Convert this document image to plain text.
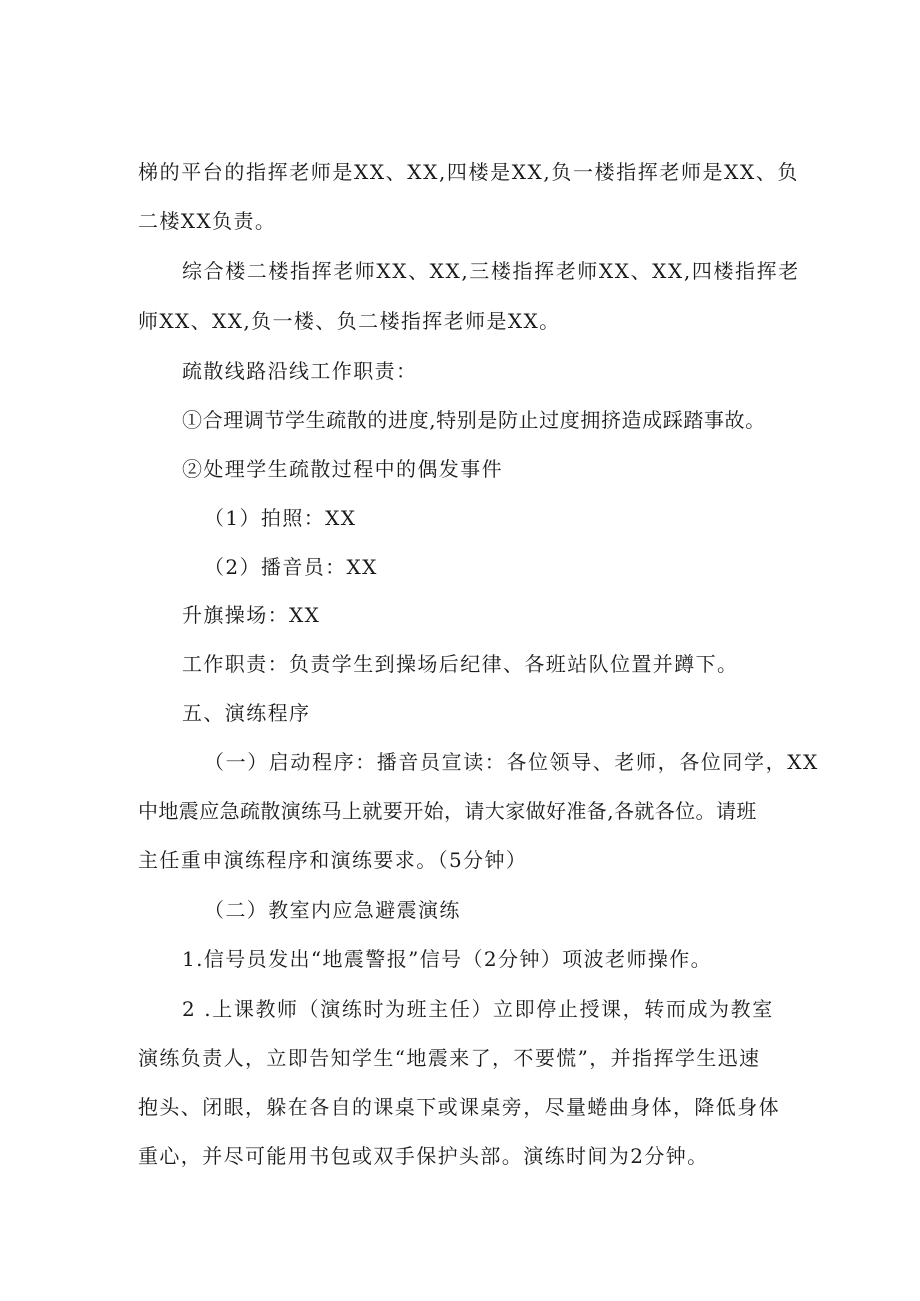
梯的平台的指挥老师是XX、XX,四楼是XX,负一楼指挥老师是XX、负
二楼XX负责。
综合楼二楼指挥老师XX、XX,三楼指挥老师XX、XX,四楼指挥老
师XX、XX,负一楼、负二楼指挥老师是XX。
疏散线路沿线工作职责：
①合理调节学生疏散的进度,特别是防止过度拥挤造成踩踏事故。
②处理学生疏散过程中的偶发事件
（1）拍照：XX
（2）播音员：XX
升旗操场：XX
工作职责：负责学生到操场后纪律、各班站队位置并蹲下。
五、演练程序
（一）启动程序：播音员宣读：各位领导、老师，各位同学，XX
中地震应急疏散演练马上就要开始，请大家做好准备,各就各位。请班
主任重申演练程序和演练要求。（5分钟）
（二）教室内应急避震演练
1.信号员发出“地震警报”信号（2分钟）项波老师操作。
2 .上课教师（演练时为班主任）立即停止授课，转而成为教室
演练负责人，立即告知学生“地震来了，不要慌”，并指挥学生迅速
抱头、闭眼，躲在各自的课桌下或课桌旁，尽量蜷曲身体，降低身体
重心，并尽可能用书包或双手保护头部。演练时间为2分钟。
